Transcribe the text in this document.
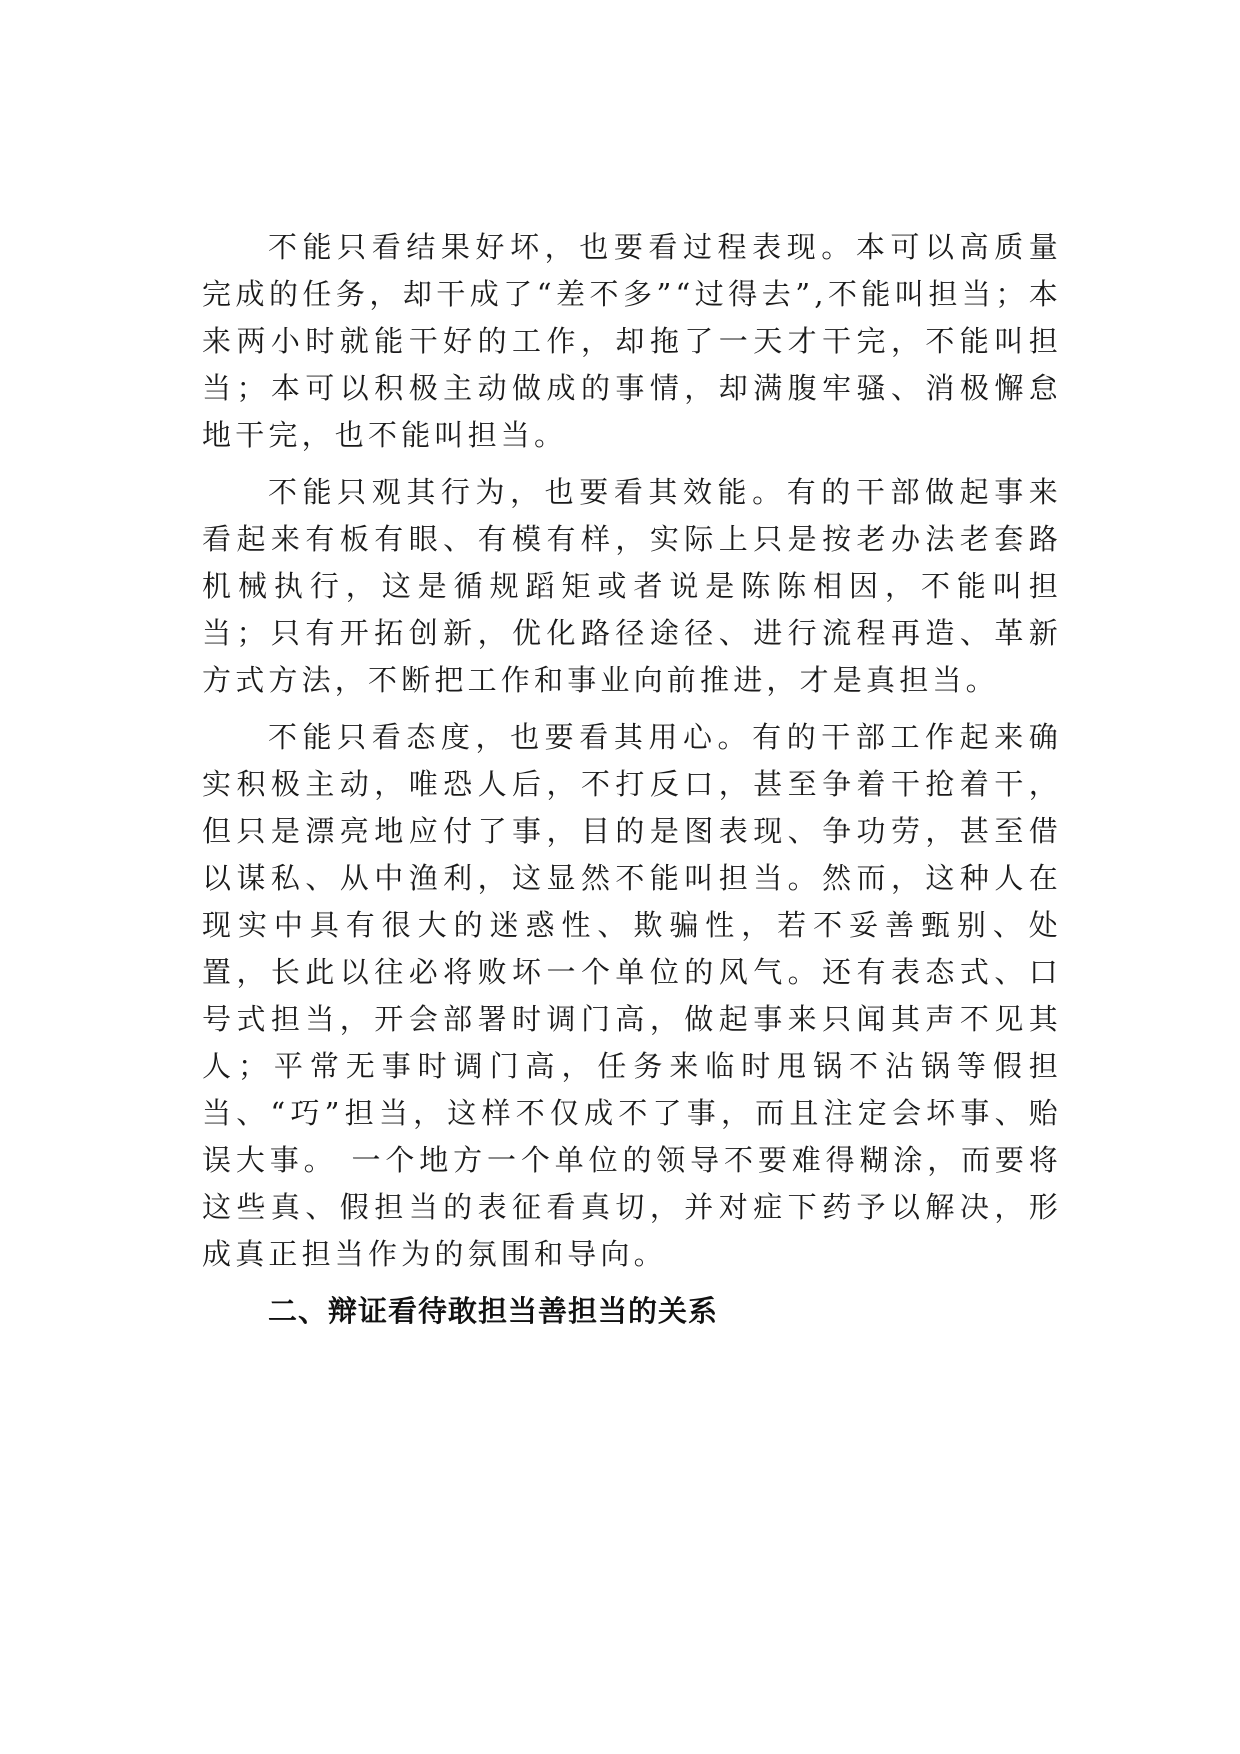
不能只看结果好坏，也要看过程表现。本可以高质量完成的任务，却干成了“差不多”“过得去”,不能叫担当；本来两小时就能干好的工作，却拖了一天才干完，不能叫担当；本可以积极主动做成的事情，却满腹牢骚、消极懈怠地干完，也不能叫担当。

不能只观其行为，也要看其效能。有的干部做起事来看起来有板有眼、有模有样，实际上只是按老办法老套路机械执行，这是循规蹈矩或者说是陈陈相因，不能叫担当；只有开拓创新，优化路径途径、进行流程再造、革新方式方法，不断把工作和事业向前推进，才是真担当。

不能只看态度，也要看其用心。有的干部工作起来确实积极主动，唯恐人后，不打反口，甚至争着干抢着干，但只是漂亮地应付了事，目的是图表现、争功劳，甚至借以谋私、从中渔利，这显然不能叫担当。然而，这种人在现实中具有很大的迷惑性、欺骗性，若不妥善甄别、处置，长此以往必将败坏一个单位的风气。还有表态式、口号式担当，开会部署时调门高，做起事来只闻其声不见其人；平常无事时调门高，任务来临时甩锅不沾锅等假担当、“巧”担当，这样不仅成不了事，而且注定会坏事、贻误大事。 一个地方一个单位的领导不要难得糊涂，而要将这些真、假担当的表征看真切，并对症下药予以解决，形成真正担当作为的氛围和导向。

二、辩证看待敢担当善担当的关系
